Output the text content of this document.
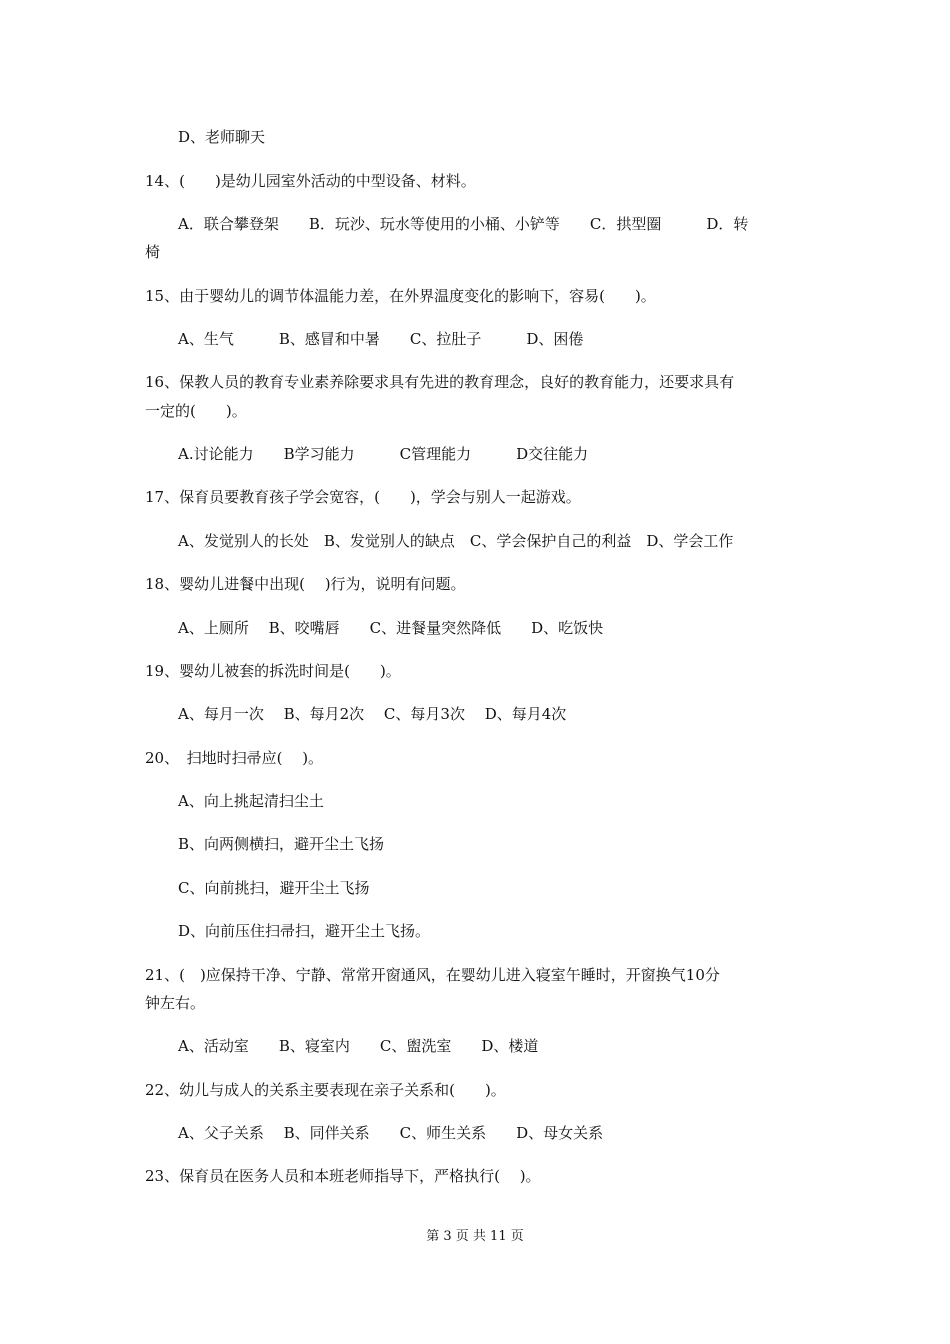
D、老师聊天
14、(　　)是幼儿园室外活动的中型设备、材料。
A．联合攀登架　　B．玩沙、玩水等使用的小桶、小铲等　　C．拱型圈　　　D．转
椅
15、由于婴幼儿的调节体温能力差，在外界温度变化的影响下，容易(　　)。
A、生气　　　B、感冒和中暑　　C、拉肚子　　　D、困倦
16、保教人员的教育专业素养除要求具有先进的教育理念，良好的教育能力，还要求具有
一定的(　　)。
A.讨论能力　　B学习能力　　　C管理能力　　　D交往能力
17、保育员要教育孩子学会宽容，(　　)，学会与别人一起游戏。
A、发觉别人的长处　B、发觉别人的缺点　C、学会保护自己的利益　D、学会工作
18、婴幼儿进餐中出现(　 )行为，说明有问题。
A、上厕所　 B、咬嘴唇　　C、进餐量突然降低　　D、吃饭快
19、婴幼儿被套的拆洗时间是(　　)。
A、每月一次　 B、每月2次　 C、每月3次　 D、每月4次
20、　扫地时扫帚应(　 )。
A、向上挑起清扫尘土
B、向两侧横扫，避开尘土飞扬
C、向前挑扫，避开尘土飞扬
D、向前压住扫帚扫，避开尘土飞扬。
21、(　)应保持干净、宁静、常常开窗通风，在婴幼儿进入寝室午睡时，开窗换气10分
钟左右。
A、活动室　　B、寝室内　　C、盥洗室　　D、楼道
22、幼儿与成人的关系主要表现在亲子关系和(　　)。
A、父子关系　 B、同伴关系　　C、师生关系　　D、母女关系
23、保育员在医务人员和本班老师指导下，严格执行(　 )。
第 3 页 共 11 页
